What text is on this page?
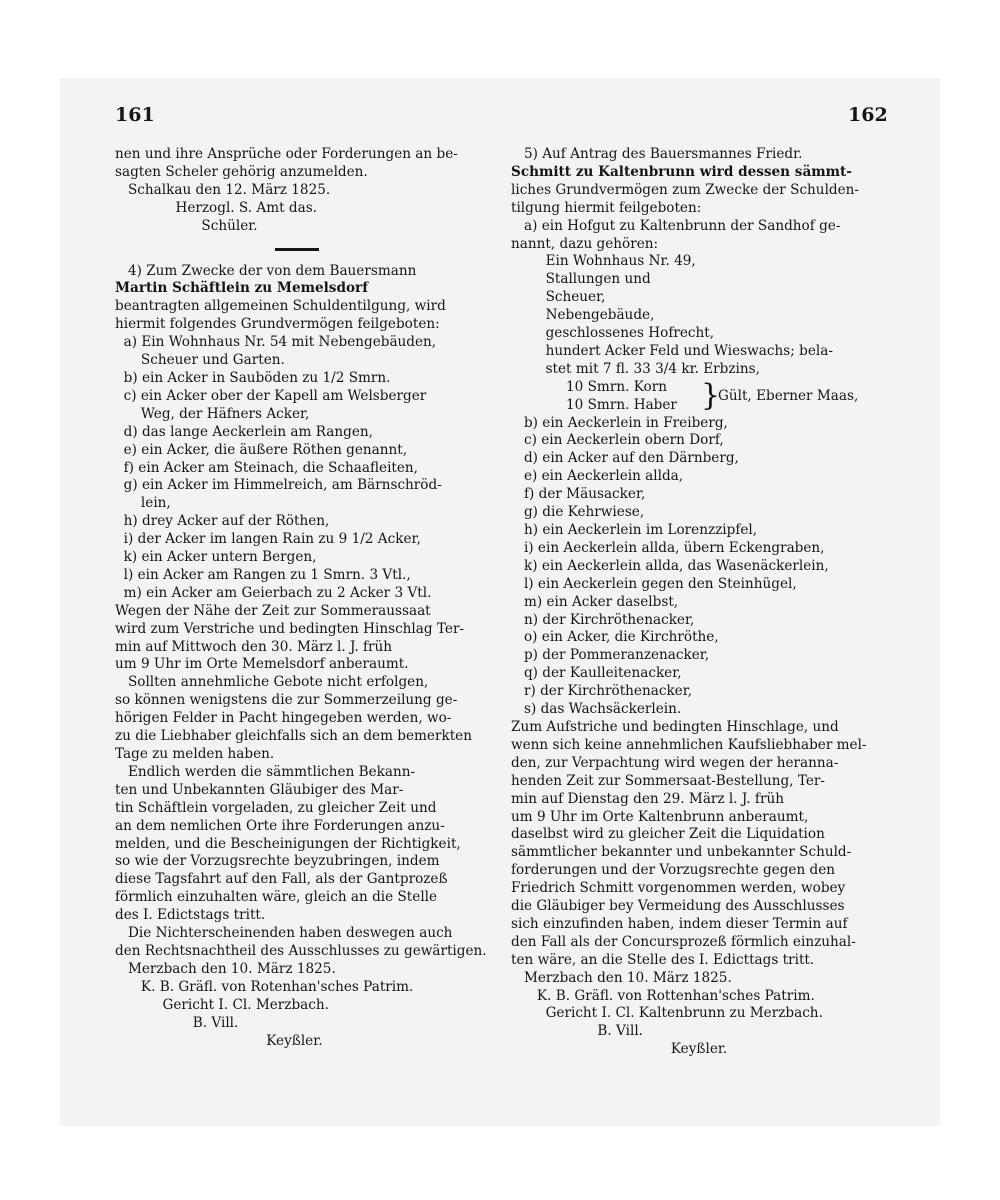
161	162

nen und ihre Ansprüche oder Forderungen an be-

sagten Scheler gehörig anzumelden.

Schalkau den 12. März 1825.

Herzogl. S. Amt das.

Schüler.

4) Zum Zwecke der von dem Bauersmann

Martin Schäftlein zu Memelsdorf

beantragten allgemeinen Schuldentilgung, wird

hiermit folgendes Grundvermögen feilgeboten:

a) Ein Wohnhaus Nr. 54 mit Nebengebäuden,

Scheuer und Garten.

b) ein Acker in Sauböden zu 1/2 Smrn.

c) ein Acker ober der Kapell am Welsberger

Weg, der Häfners Acker,

d) das lange Aeckerlein am Rangen,

e) ein Acker, die äußere Röthen genannt,

f) ein Acker am Steinach, die Schaafleiten,

g) ein Acker im Himmelreich, am Bärnschröd-

lein,

h) drey Acker auf der Röthen,

i) der Acker im langen Rain zu 9 1/2 Acker,

k) ein Acker untern Bergen,

l) ein Acker am Rangen zu 1 Smrn. 3 Vtl.,

m) ein Acker am Geierbach zu 2 Acker 3 Vtl.

Wegen der Nähe der Zeit zur Sommeraussaat

wird zum Verstriche und bedingten Hinschlag Ter-

min auf Mittwoch den 30. März l. J. früh

um 9 Uhr im Orte Memelsdorf anberaumt.

Sollten annehmliche Gebote nicht erfolgen,

so können wenigstens die zur Sommerzeilung ge-

hörigen Felder in Pacht hingegeben werden, wo-

zu die Liebhaber gleichfalls sich an dem bemerkten

Tage zu melden haben.

Endlich werden die sämmtlichen Bekann-

ten und Unbekannten Gläubiger des Mar-

tin Schäftlein vorgeladen, zu gleicher Zeit und

an dem nemlichen Orte ihre Forderungen anzu-

melden, und die Bescheinigungen der Richtigkeit,

so wie der Vorzugsrechte beyzubringen, indem

diese Tagsfahrt auf den Fall, als der Gantprozeß

förmlich einzuhalten wäre, gleich an die Stelle

des I. Edictstags tritt.

Die Nichterscheinenden haben deswegen auch

den Rechtsnachtheil des Ausschlusses zu gewärtigen.

Merzbach den 10. März 1825.

K. B. Gräfl. von Rotenhan'sches Patrim.

Gericht I. Cl. Merzbach.

B. Vill.

Keyßler.

5) Auf Antrag des Bauersmannes Friedr.

Schmitt zu Kaltenbrunn wird dessen sämmt-

liches Grundvermögen zum Zwecke der Schulden-

tilgung hiermit feilgeboten:

a) ein Hofgut zu Kaltenbrunn der Sandhof ge-

nannt, dazu gehören:

Ein Wohnhaus Nr. 49,

Stallungen und

Scheuer,

Nebengebäude,

geschlossenes Hofrecht,

hundert Acker Feld und Wieswachs; bela-

stet mit 7 fl. 33 3/4 kr. Erbzins,

10 Smrn. Korn
10 Smrn. Haber }
Gült, Eberner Maas,

b) ein Aeckerlein in Freiberg,

c) ein Aeckerlein obern Dorf,

d) ein Acker auf den Därnberg,

e) ein Aeckerlein allda,

f) der Mäusacker,

g) die Kehrwiese,

h) ein Aeckerlein im Lorenzzipfel,

i) ein Aeckerlein allda, übern Eckengraben,

k) ein Aeckerlein allda, das Wasenäckerlein,

l) ein Aeckerlein gegen den Steinhügel,

m) ein Acker daselbst,

n) der Kirchröthenacker,

o) ein Acker, die Kirchröthe,

p) der Pommeranzenacker,

q) der Kaulleitenacker,

r) der Kirchröthenacker,

s) das Wachsäckerlein.

Zum Aufstriche und bedingten Hinschlage, und

wenn sich keine annehmlichen Kaufsliebhaber mel-

den, zur Verpachtung wird wegen der heranna-

henden Zeit zur Sommersaat-Bestellung, Ter-

min auf Dienstag den 29. März l. J. früh

um 9 Uhr im Orte Kaltenbrunn anberaumt,

daselbst wird zu gleicher Zeit die Liquidation

sämmtlicher bekannter und unbekannter Schuld-

forderungen und der Vorzugsrechte gegen den

Friedrich Schmitt vorgenommen werden, wobey

die Gläubiger bey Vermeidung des Ausschlusses

sich einzufinden haben, indem dieser Termin auf

den Fall als der Concursprozeß förmlich einzuhal-

ten wäre, an die Stelle des I. Edicttags tritt.

Merzbach den 10. März 1825.

K. B. Gräfl. von Rottenhan'sches Patrim.

Gericht I. Cl. Kaltenbrunn zu Merzbach.

B. Vill.

Keyßler.
